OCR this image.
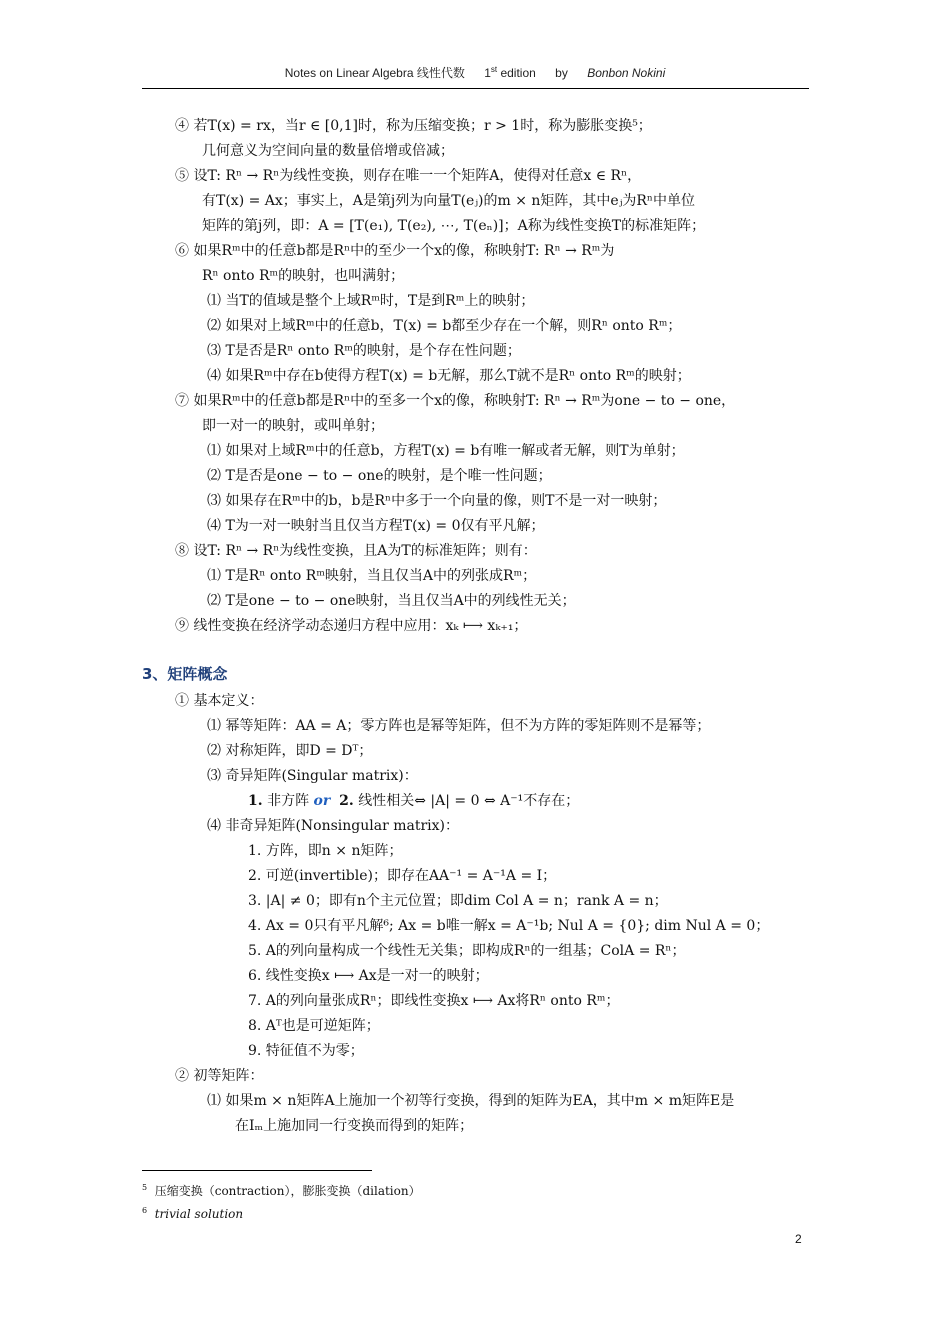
Notes on Linear Algebra 线性代数 1st edition by Bonbon Nokini
④ 若T(x) = rx，当r ∈ [0,1]时，称为压缩变换；r > 1时，称为膨胀变换⁵；
几何意义为空间向量的数量倍增或倍减；
⑤ 设T: Rⁿ → Rⁿ为线性变换，则存在唯一一个矩阵A，使得对任意x ∈ Rⁿ，
有T(x) = Ax；事实上，A是第j列为向量T(eⱼ)的m × n矩阵，其中eⱼ为Rⁿ中单位
矩阵的第j列，即：A = [T(e₁), T(e₂), ⋯, T(eₙ)]；A称为线性变换T的标准矩阵；
⑥ 如果Rᵐ中的任意b都是Rⁿ中的至少一个x的像，称映射T: Rⁿ → Rᵐ为
Rⁿ onto Rᵐ的映射，也叫满射；
⑴ 当T的值域是整个上域Rᵐ时，T是到Rᵐ上的映射；
⑵ 如果对上域Rᵐ中的任意b，T(x) = b都至少存在一个解，则Rⁿ onto Rᵐ；
⑶ T是否是Rⁿ onto Rᵐ的映射，是个存在性问题；
⑷ 如果Rᵐ中存在b使得方程T(x) = b无解，那么T就不是Rⁿ onto Rᵐ的映射；
⑦ 如果Rᵐ中的任意b都是Rⁿ中的至多一个x的像，称映射T: Rⁿ → Rᵐ为one − to − one，
即一对一的映射，或叫单射；
⑴ 如果对上域Rᵐ中的任意b，方程T(x) = b有唯一解或者无解，则T为单射；
⑵ T是否是one − to − one的映射，是个唯一性问题；
⑶ 如果存在Rᵐ中的b，b是Rⁿ中多于一个向量的像，则T不是一对一映射；
⑷ T为一对一映射当且仅当方程T(x) = 0仅有平凡解；
⑧ 设T: Rⁿ → Rⁿ为线性变换，且A为T的标准矩阵；则有：
⑴ T是Rⁿ onto Rᵐ映射，当且仅当A中的列张成Rᵐ；
⑵ T是one − to − one映射，当且仅当A中的列线性无关；
⑨ 线性变换在经济学动态递归方程中应用：xₖ ⟼ xₖ₊₁；
① 基本定义：
⑴ 幂等矩阵：AA = A；零方阵也是幂等矩阵，但不为方阵的零矩阵则不是幂等；
⑵ 对称矩阵，即D = Dᵀ；
⑶ 奇异矩阵(Singular matrix)：
⑷ 非奇异矩阵(Nonsingular matrix)：
1. 方阵，即n × n矩阵；
2. 可逆(invertible)；即存在AA⁻¹ = A⁻¹A = I；
3. |A| ≠ 0；即有n个主元位置；即dim Col A = n；rank A = n；
4. Ax = 0只有平凡解⁶; Ax = b唯一解x = A⁻¹b; Nul A = {0}; dim Nul A = 0；
5. A的列向量构成一个线性无关集；即构成Rⁿ的一组基；ColA = Rⁿ；
6. 线性变换x ⟼ Ax是一对一的映射；
7. A的列向量张成Rⁿ；即线性变换x ⟼ Ax将Rⁿ onto Rᵐ；
8. Aᵀ也是可逆矩阵；
9. 特征值不为零；
② 初等矩阵：
⑴ 如果m × n矩阵A上施加一个初等行变换，得到的矩阵为EA，其中m × m矩阵E是
在Iₘ上施加同一行变换而得到的矩阵；
1. 非方阵 or 2. 线性相关⇔ |A| = 0 ⇔ A⁻¹不存在；
3、矩阵概念
$^5$ 压缩变换（contraction），膨胀变换（dilation）
$^6$ trivial solution
2
